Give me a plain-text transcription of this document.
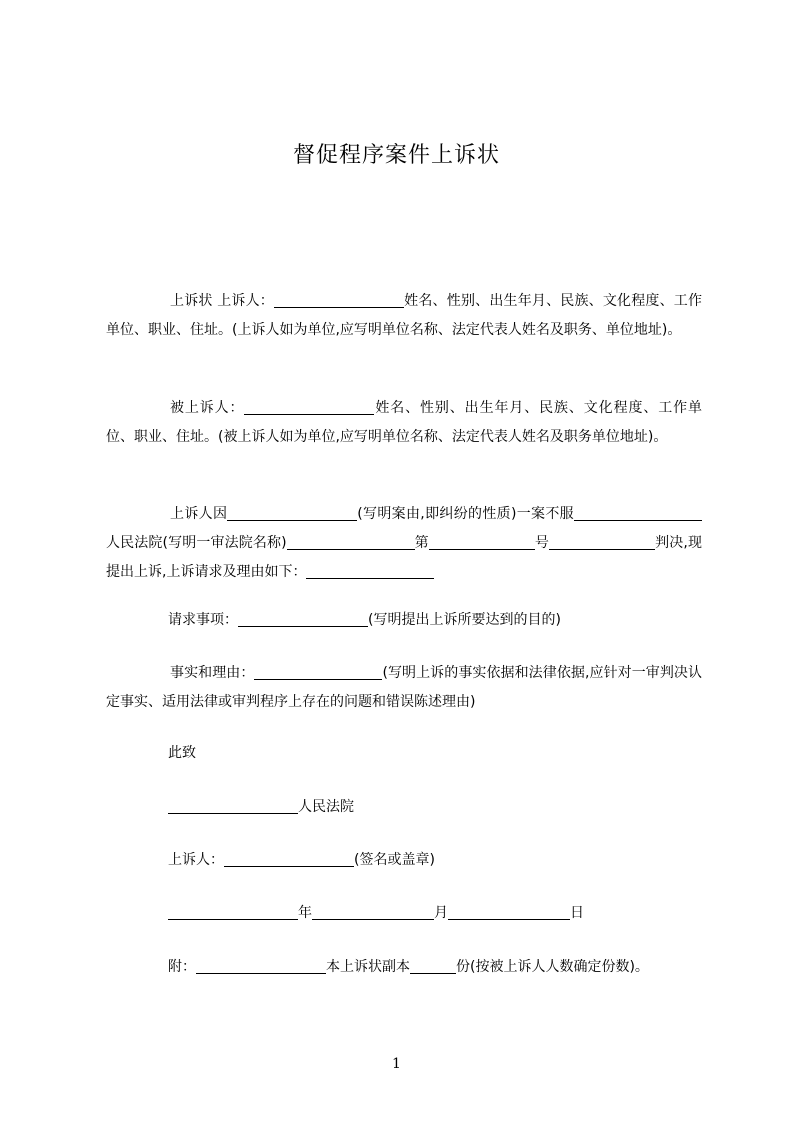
督促程序案件上诉状
上诉状 上诉人：	姓名、性别、出生年月、民族、文化程度、工作单位、职业、住址。(上诉人如为单位,应写明单位名称、法定代表人姓名及职务、单位地址)。
被上诉人：	姓名、性别、出生年月、民族、文化程度、工作单位、职业、住址。(被上诉人如为单位,应写明单位名称、法定代表人姓名及职务单位地址)。
上诉人因	(写明案由,即纠纷的性质)一案不服人民法院(写明一审法院名称)	第	号	判决,现提出上诉,上诉请求及理由如下：
请求事项：	(写明提出上诉所要达到的目的)
事实和理由：	(写明上诉的事实依据和法律依据,应针对一审判决认定事实、适用法律或审判程序上存在的问题和错误陈述理由)
此致
人民法院
上诉人：	(签名或盖章)
年	月	日
附：	本上诉状副本	份(按被上诉人人数确定份数)。
1
